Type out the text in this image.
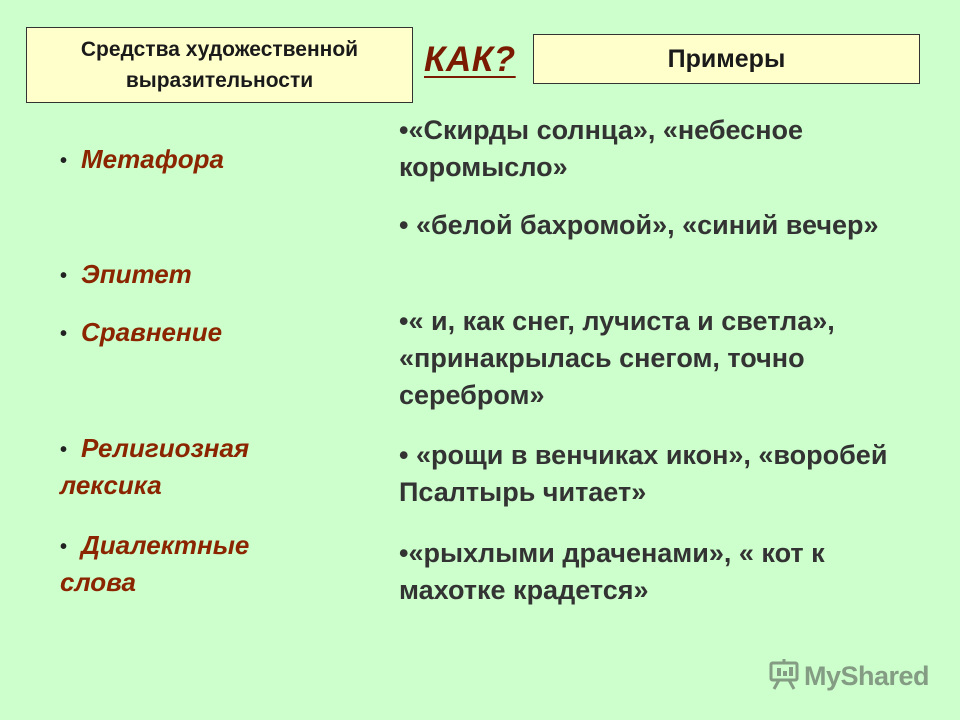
Средства художественной выразительности
КАК?	Примеры
• Метафора
• Эпитет
• Сравнение
• Религиозная лексика
• Диалектные слова
•«Скирды солнца», «небесное коромысло»
• «белой бахромой», «синий вечер»
•« и, как снег, лучиста и светла», «принакрылась снегом, точно серебром»
• «рощи в венчиках икон», «воробей Псалтырь читает»
•«рыхлыми драченами», « кот к махотке крадется»
MyShared
